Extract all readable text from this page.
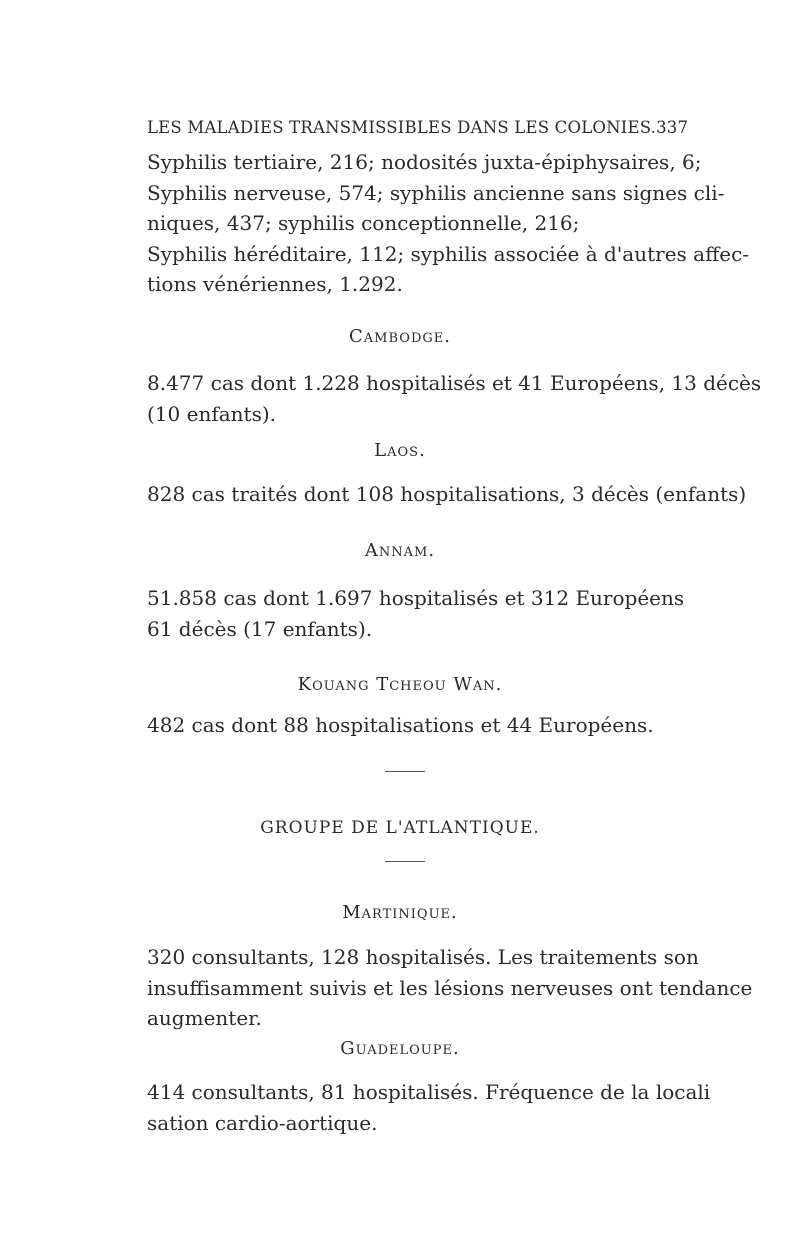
LES MALADIES TRANSMISSIBLES DANS LES COLONIES. 337
Syphilis tertiaire, 216; nodosités juxta-épiphysaires, 6;
Syphilis nerveuse, 574; syphilis ancienne sans signes cli-
niques, 437; syphilis conceptionnelle, 216;
Syphilis héréditaire, 112; syphilis associée à d'autres affec-
tions vénériennes, 1.292.
Cambodge.
8.477 cas dont 1.228 hospitalisés et 41 Européens, 13 décès
(10 enfants).
Laos.
828 cas traités dont 108 hospitalisations, 3 décès (enfants)
Annam.
51.858 cas dont 1.697 hospitalisés et 312 Européens
61 décès (17 enfants).
Kouang Tcheou Wan.
482 cas dont 88 hospitalisations et 44 Européens.
GROUPE DE L'ATLANTIQUE.
Martinique.
320 consultants, 128 hospitalisés. Les traitements son
insuffisamment suivis et les lésions nerveuses ont tendance
augmenter.
Guadeloupe.
414 consultants, 81 hospitalisés. Fréquence de la locali
sation cardio-aortique.
